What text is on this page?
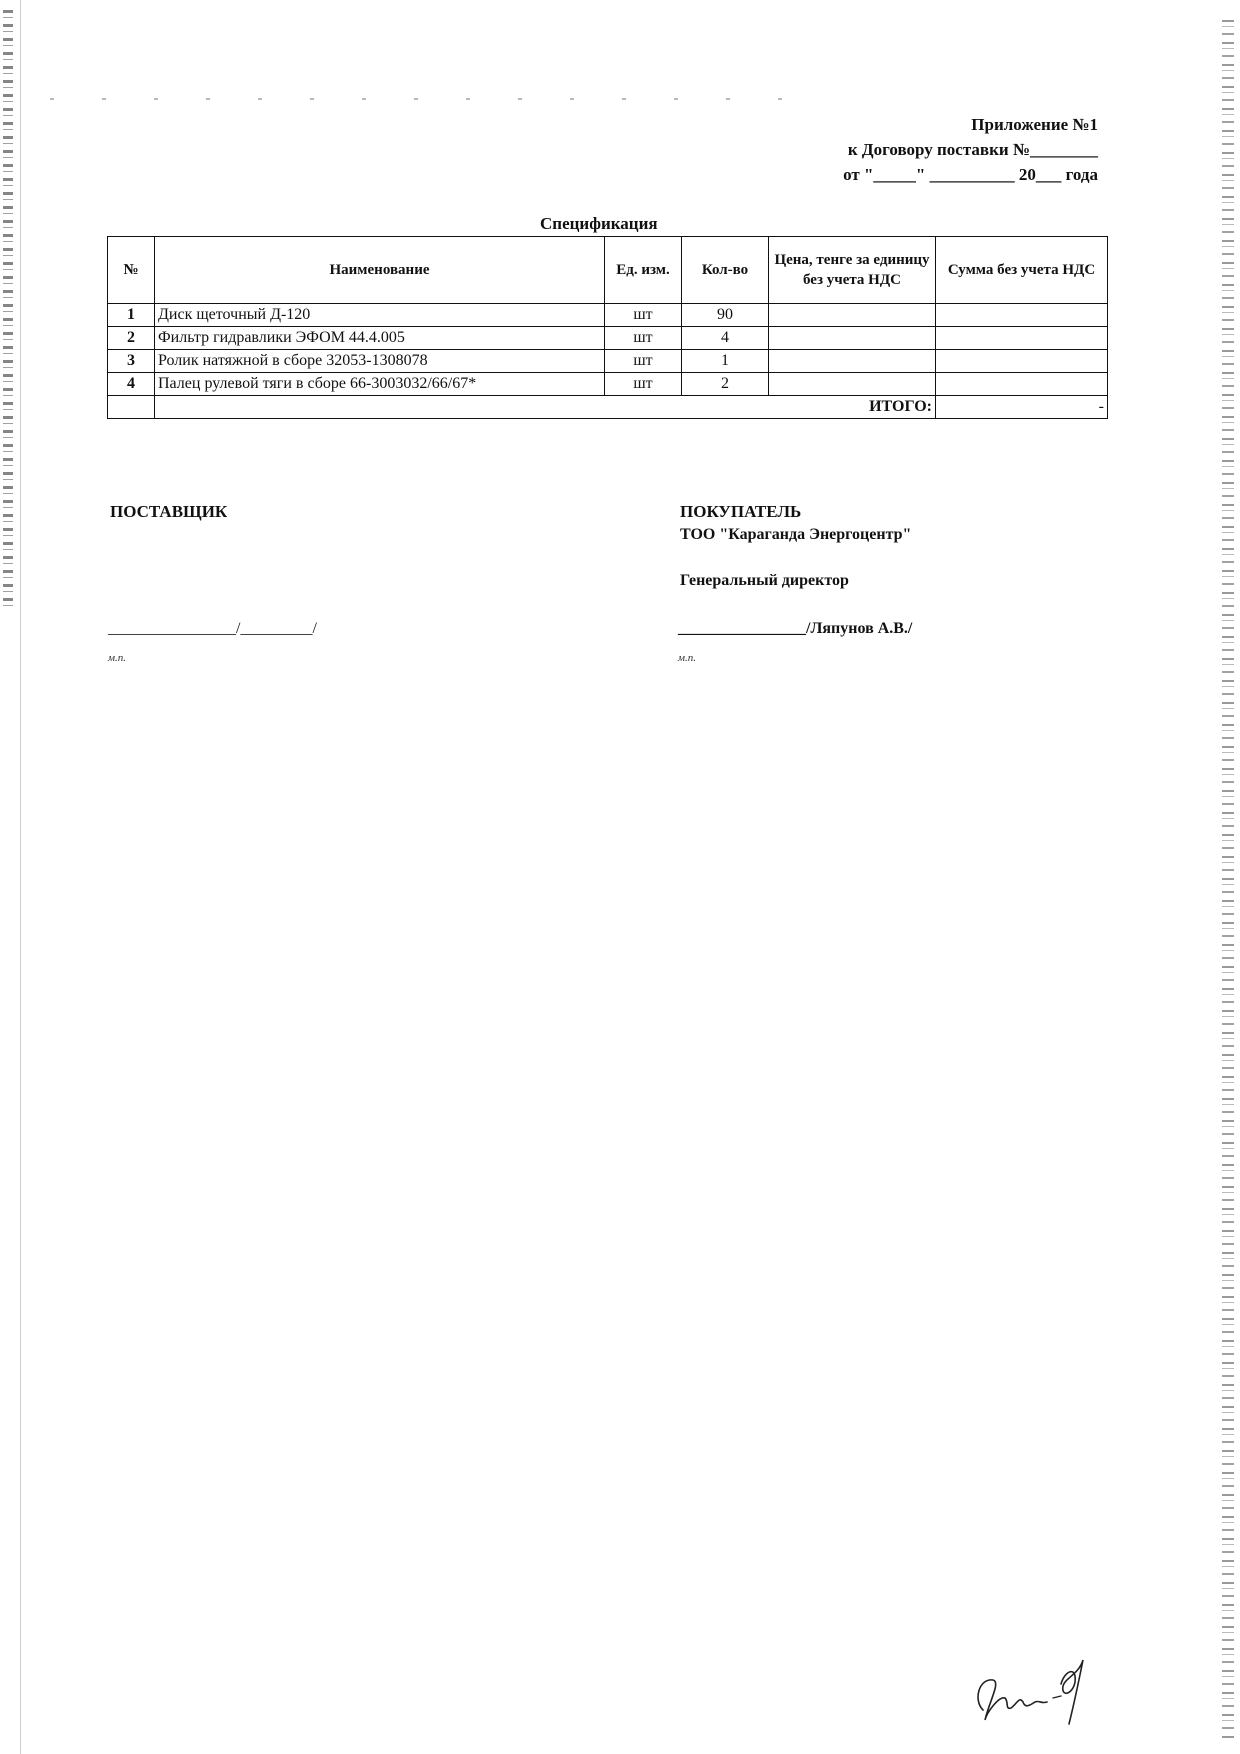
Приложение №1
к Договору поставки №________
от "_____" __________ 20___ года
Спецификация
№	Наименование	Ед. изм.	Кол-во	Цена, тенге за единицу без учета НДС	Сумма без учета НДС
1	Диск щеточный Д-120	шт	90		
2	Фильтр гидравлики ЭФОМ 44.4.005	шт	4		
3	Ролик натяжной в сборе 32053-1308078	шт	1		
4	Палец рулевой тяги в сборе 66-3003032/66/67*	шт	2		
	ИТОГО:				-
ПОСТАВЩИК
________________/_________/
м.п.
ПОКУПАТЕЛЬ
ТОО "Караганда Энергоцентр"
Генеральный директор
________________/Ляпунов А.В./
м.п.
